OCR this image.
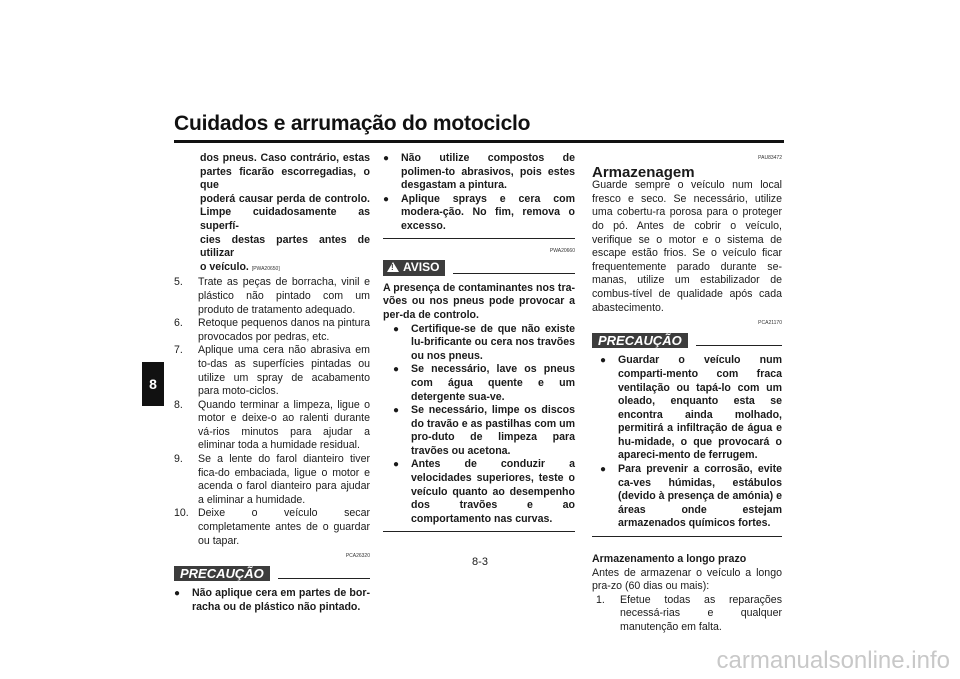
Cuidados e arrumação do motociclo
8
dos pneus. Caso contrário, estas
partes ficarão escorregadias, o que
poderá causar perda de controlo.
Limpe cuidadosamente as superfí-
cies destas partes antes de utilizar
o veículo. [PWA20650]
5.	Trate as peças de borracha, vinil e plástico não pintado com um produto de tratamento adequado.
6.	Retoque pequenos danos na pintura provocados por pedras, etc.
7.	Aplique uma cera não abrasiva em to-das as superfícies pintadas ou utilize um spray de acabamento para moto-ciclos.
8.	Quando terminar a limpeza, ligue o motor e deixe-o ao ralenti durante vá-rios minutos para ajudar a eliminar toda a humidade residual.
9.	Se a lente do farol dianteiro tiver fica-do embaciada, ligue o motor e acenda o farol dianteiro para ajudar a eliminar a humidade.
10. Deixe o veículo secar completamente antes de o guardar ou tapar.
PCA26320
PRECAUÇÃO
●	Não aplique cera em partes de bor-racha ou de plástico não pintado.
●	Não utilize compostos de polimen-to abrasivos, pois estes desgastam a pintura.
●	Aplique sprays e cera com modera-ção. No fim, remova o excesso.
PWA20660
! AVISO

A presença de contaminantes nos tra-vões ou nos pneus pode provocar a per-da de controlo.

●	Certifique-se de que não existe lu-brificante ou cera nos travões ou nos pneus.
●	Se necessário, lave os pneus com água quente e um detergente sua-ve.
●	Se necessário, limpe os discos do travão e as pastilhas com um pro-duto de limpeza para travões ou acetona.
●	Antes de conduzir a velocidades superiores, teste o veículo quanto ao desempenho dos travões e ao comportamento nas curvas.
PAU83472

Armazenagem

Guarde sempre o veículo num local fresco e seco. Se necessário, utilize uma cobertu-ra porosa para o proteger do pó. Antes de cobrir o veículo, verifique se o motor e o sistema de escape estão frios. Se o veículo ficar frequentemente parado durante se-manas, utilize um estabilizador de combus-tível de qualidade após cada abastecimento.

PCA21170
PRECAUÇÃO
●	Guardar o veículo num comparti-mento com fraca ventilação ou tapá-lo com um oleado, enquanto esta se encontra ainda molhado, permitirá a infiltração de água e hu-midade, o que provocará o apareci-mento de ferrugem.
●	Para prevenir a corrosão, evite ca-ves húmidas, estábulos (devido à presença de amónia) e áreas onde estejam armazenados químicos fortes.

Armazenamento a longo prazo

Antes de armazenar o veículo a longo pra-zo (60 dias ou mais):

1.	Efetue todas as reparações necessá-rias e qualquer manutenção em falta.
8-3
carmanualsonline.info
